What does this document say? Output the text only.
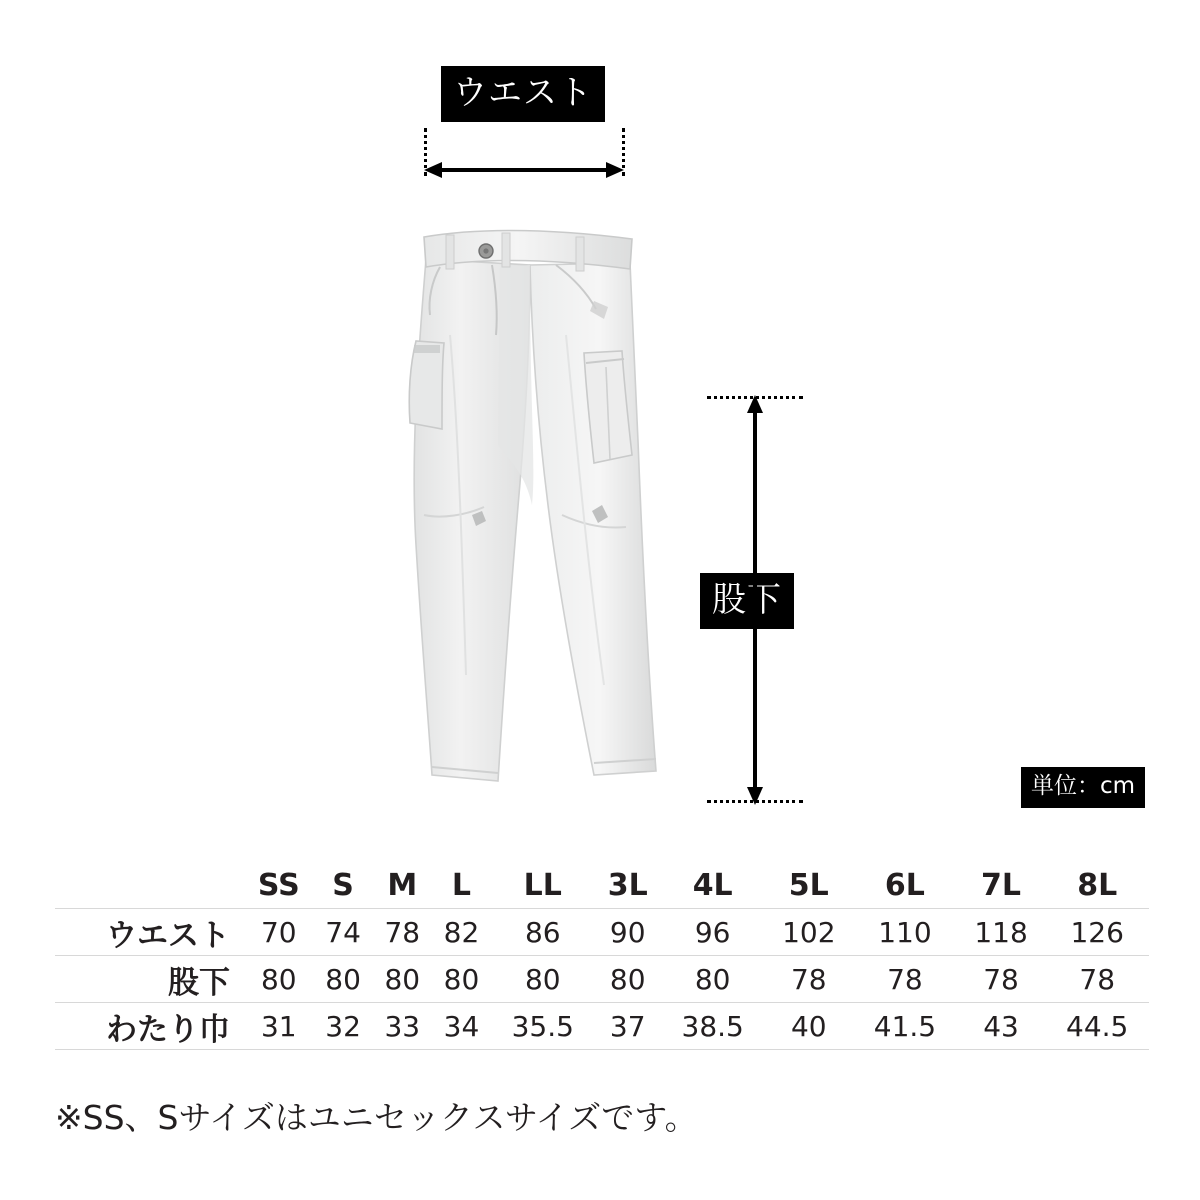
ウエスト
股下
単位：cm
	SS	S	M	L	LL	3L	4L	5L	6L	7L	8L
ウエスト	70	74	78	82	86	90	96	102	110	118	126
股下	80	80	80	80	80	80	80	78	78	78	78
わたり巾	31	32	33	34	35.5	37	38.5	40	41.5	43	44.5
※SS、Sサイズはユニセックスサイズです。
